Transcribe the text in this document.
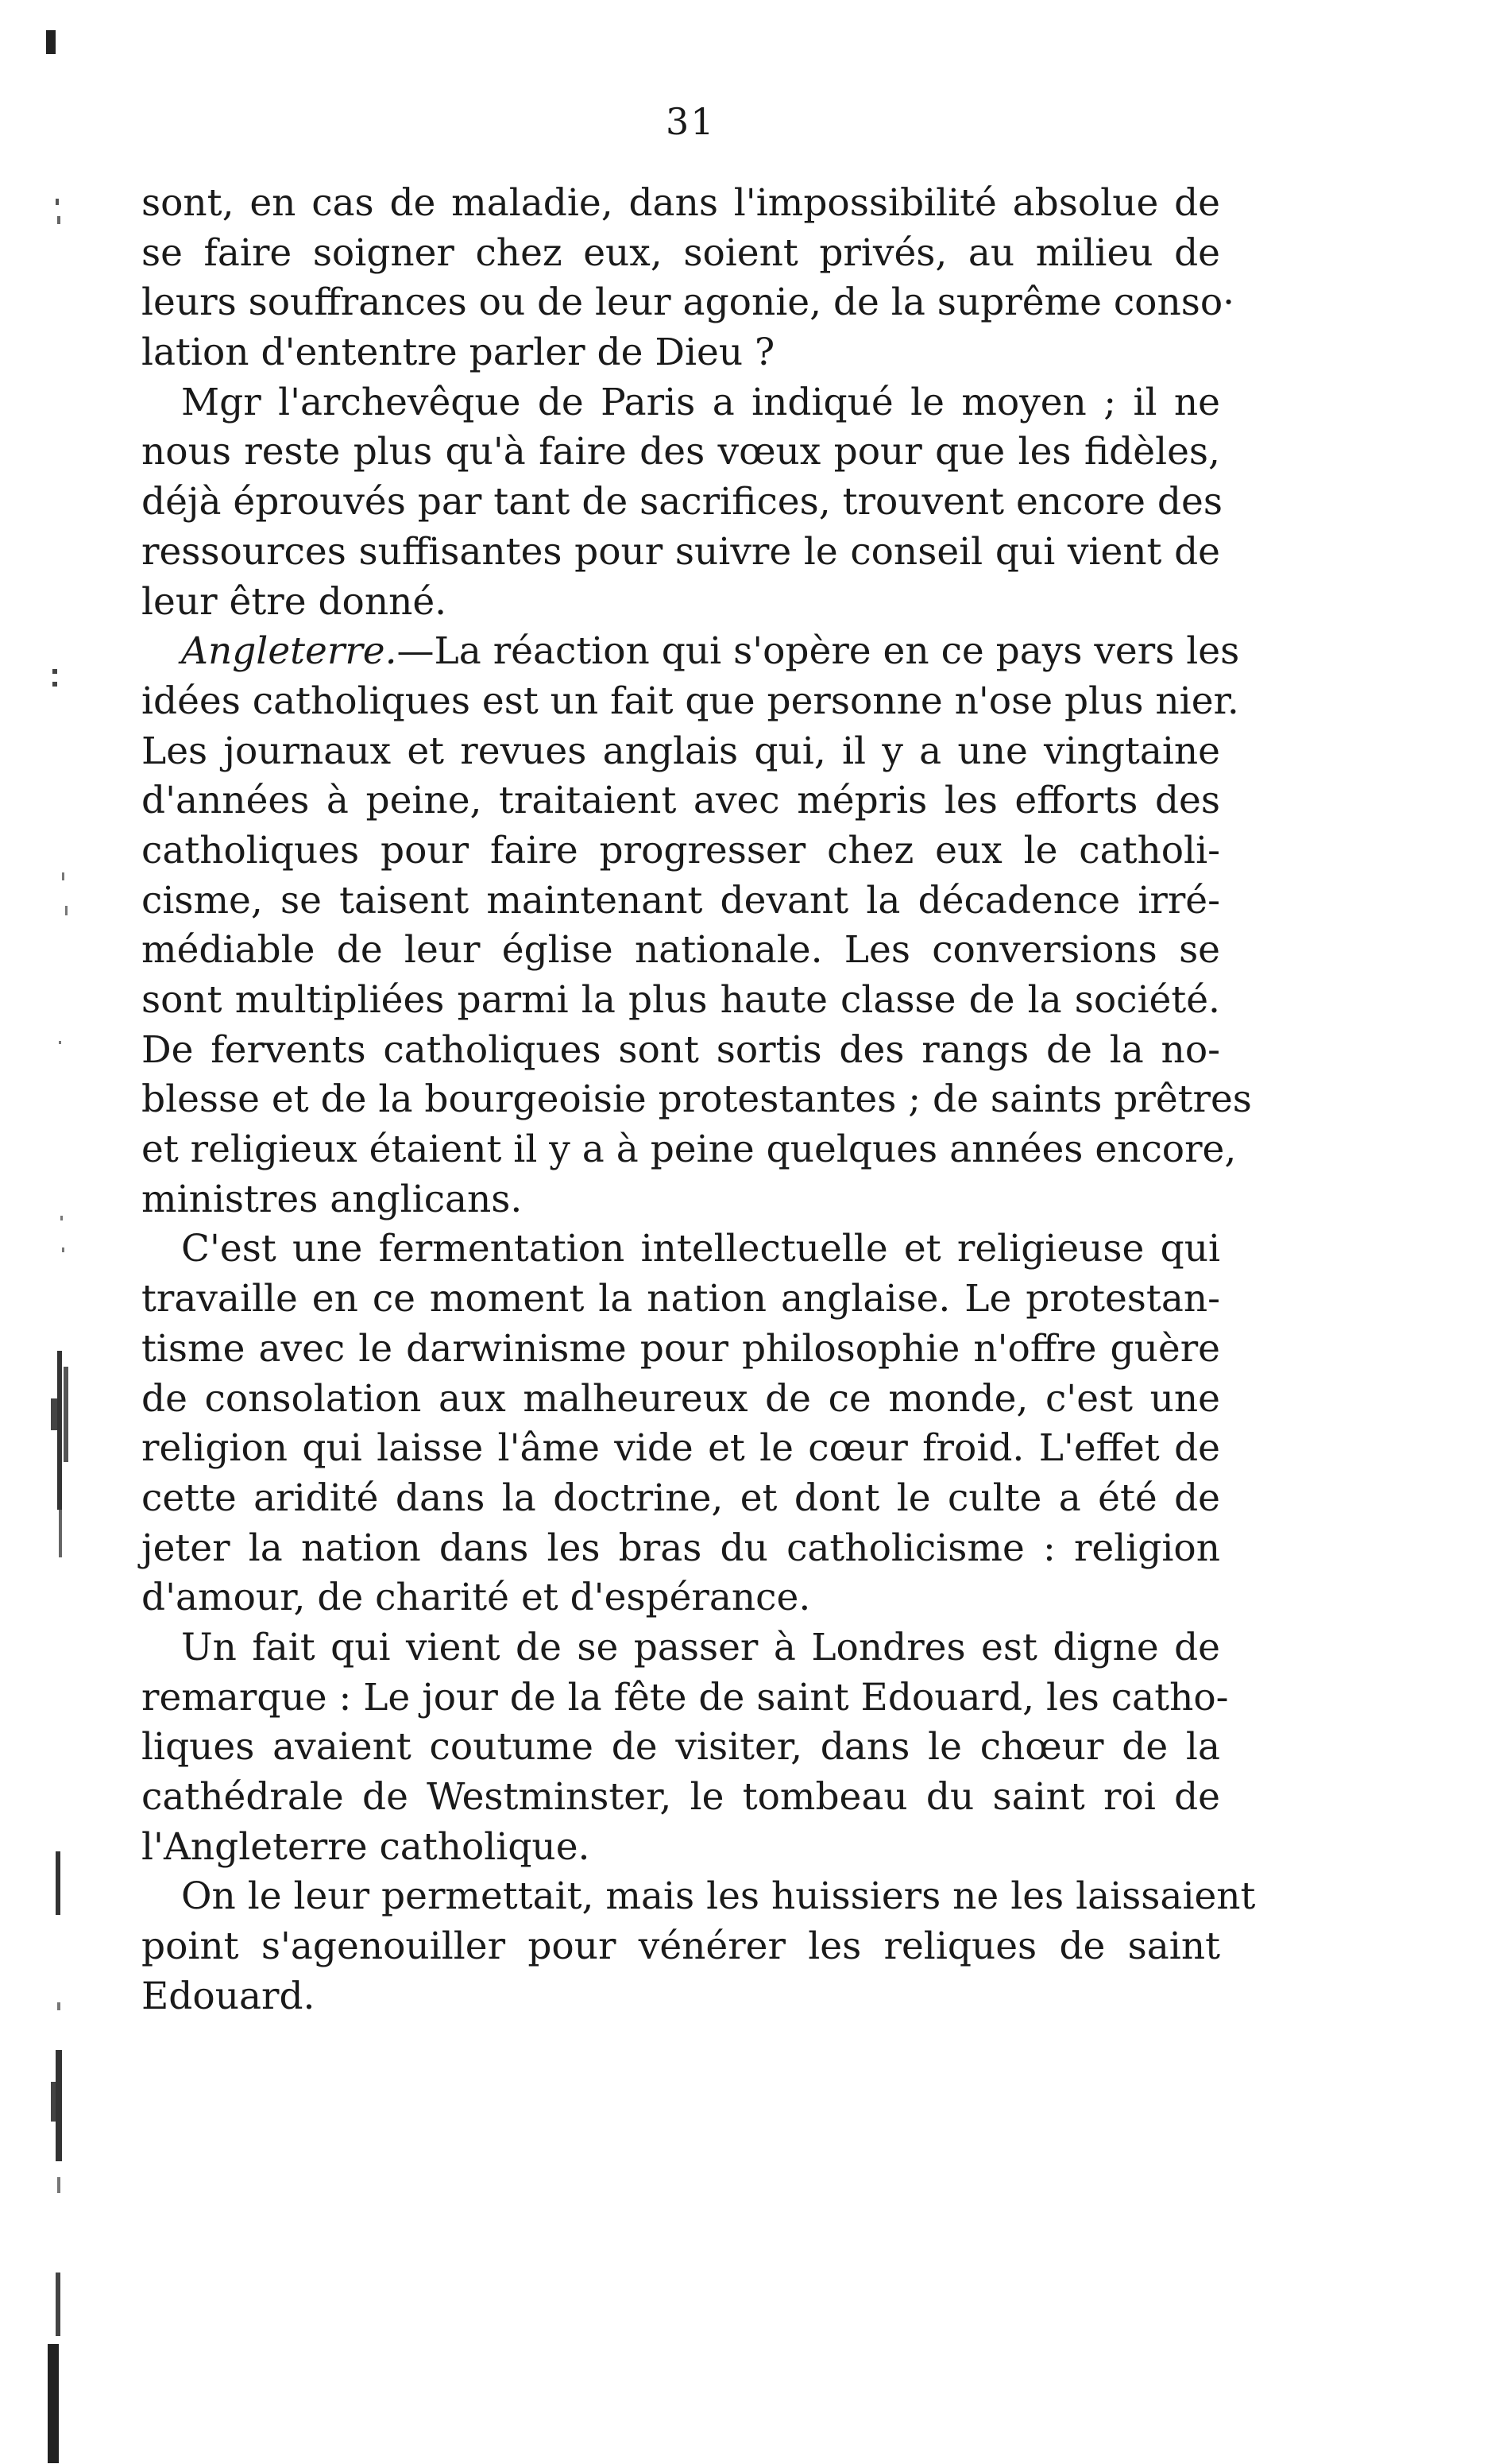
31
sont, en cas de maladie, dans l'impossibilité absolue de
se faire soigner chez eux, soient privés, au milieu de
leurs souffrances ou de leur agonie, de la suprême conso·
lation d'ententre parler de Dieu ?
Mgr l'archevêque de Paris a indiqué le moyen ; il ne
nous reste plus qu'à faire des vœux pour que les fidèles,
déjà éprouvés par tant de sacrifices, trouvent encore des
ressources suffisantes pour suivre le conseil qui vient de
leur être donné.
Angleterre.—La réaction qui s'opère en ce pays vers les
idées catholiques est un fait que personne n'ose plus nier.
Les journaux et revues anglais qui, il y a une vingtaine
d'années à peine, traitaient avec mépris les efforts des
catholiques pour faire progresser chez eux le catholi-
cisme, se taisent maintenant devant la décadence irré-
médiable de leur église nationale. Les conversions se
sont multipliées parmi la plus haute classe de la société.
De fervents catholiques sont sortis des rangs de la no-
blesse et de la bourgeoisie protestantes ; de saints prêtres
et religieux étaient il y a à peine quelques années encore,
ministres anglicans.
C'est une fermentation intellectuelle et religieuse qui
travaille en ce moment la nation anglaise. Le protestan-
tisme avec le darwinisme pour philosophie n'offre guère
de consolation aux malheureux de ce monde, c'est une
religion qui laisse l'âme vide et le cœur froid. L'effet de
cette aridité dans la doctrine, et dont le culte a été de
jeter la nation dans les bras du catholicisme : religion
d'amour, de charité et d'espérance.
Un fait qui vient de se passer à Londres est digne de
remarque : Le jour de la fête de saint Edouard, les catho-
liques avaient coutume de visiter, dans le chœur de la
cathédrale de Westminster, le tombeau du saint roi de
l'Angleterre catholique.
On le leur permettait, mais les huissiers ne les laissaient
point s'agenouiller pour vénérer les reliques de saint
Edouard.
